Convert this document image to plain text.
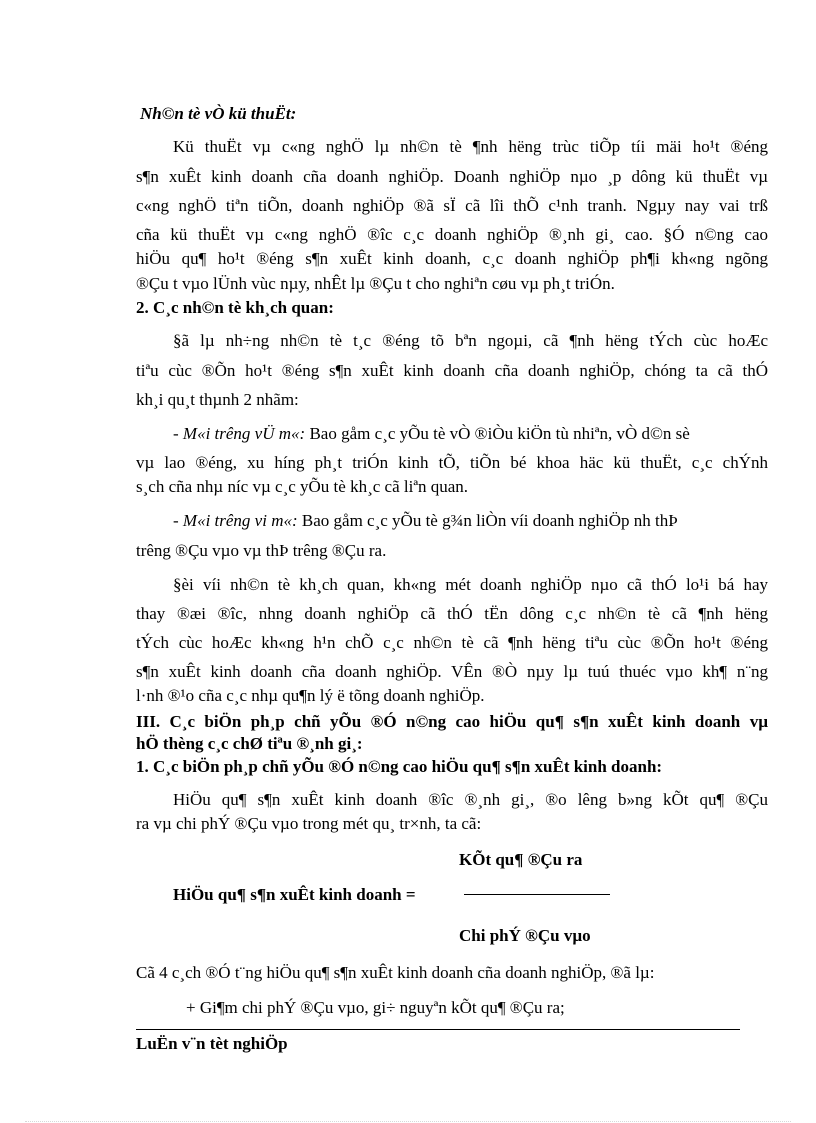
Nh©n tè vÒ kü thuËt:
Kü thuËt vµ c«ng nghÖ lµ nh©n tè ¶nh hëng trùc tiÕp tíi mäi ho¹t ®éng
s¶n xuÊt kinh doanh cña doanh nghiÖp. Doanh nghiÖp nµo ¸p dông kü thuËt vµ
c«ng nghÖ tiªn tiÕn, doanh nghiÖp ®ã sÏ cã lîi thÕ c¹nh tranh. Ngµy nay vai trß
cña kü thuËt vµ c«ng nghÖ ®îc c¸c doanh nghiÖp ®¸nh gi¸ cao. §Ó n©ng cao
hiÖu qu¶ ho¹t ®éng s¶n xuÊt kinh doanh, c¸c doanh nghiÖp ph¶i kh«ng ngõng
®Çu t vµo lÜnh vùc nµy, nhÊt lµ ®Çu t cho nghiªn cøu vµ ph¸t triÓn.
2. C¸c nh©n tè kh¸ch quan:
§ã lµ nh÷ng nh©n tè t¸c ®éng tõ bªn ngoµi, cã ¶nh hëng tÝch cùc hoÆc
tiªu cùc ®Õn ho¹t ®éng s¶n xuÊt kinh doanh cña doanh nghiÖp, chóng ta cã thÓ
kh¸i qu¸t thµnh 2 nhãm:
- M«i trêng vÜ m«: Bao gåm c¸c yÕu tè vÒ ®iÒu kiÖn tù nhiªn, vÒ d©n sè
vµ lao ®éng, xu híng ph¸t triÓn kinh tÕ, tiÕn bé khoa häc kü thuËt, c¸c chÝnh
s¸ch cña nhµ níc vµ c¸c yÕu tè kh¸c cã liªn quan.
- M«i trêng vi m«: Bao gåm c¸c yÕu tè g¾n liÒn víi doanh nghiÖp nh thÞ
trêng ®Çu vµo vµ thÞ trêng ®Çu ra.
§èi víi nh©n tè kh¸ch quan, kh«ng mét doanh nghiÖp nµo cã thÓ lo¹i bá hay
thay ®æi ®îc, nhng doanh nghiÖp cã thÓ tËn dông c¸c nh©n tè cã ¶nh hëng
tÝch cùc hoÆc kh«ng h¹n chÕ c¸c nh©n tè cã ¶nh hëng tiªu cùc ®Õn ho¹t ®éng
s¶n xuÊt kinh doanh cña doanh nghiÖp. VÊn ®Ò nµy lµ tuú thuéc vµo kh¶ n¨ng
l·nh ®¹o cña c¸c nhµ qu¶n lý ë tõng doanh nghiÖp.
III. C¸c biÖn ph¸p chñ yÕu ®Ó n©ng cao hiÖu qu¶ s¶n xuÊt kinh doanh vµ
hÖ thèng c¸c chØ tiªu ®¸nh gi¸:
1. C¸c biÖn ph¸p chñ yÕu ®Ó n©ng cao hiÖu qu¶ s¶n xuÊt kinh doanh:
HiÖu qu¶ s¶n xuÊt kinh doanh ®îc ®¸nh gi¸, ®o lêng b»ng kÕt qu¶ ®Çu
ra vµ chi phÝ ®Çu vµo trong mét qu¸ tr×nh, ta cã:
KÕt qu¶ ®Çu ra
HiÖu qu¶ s¶n xuÊt kinh doanh =
Chi phÝ ®Çu vµo
Cã 4 c¸ch ®Ó t¨ng hiÖu qu¶ s¶n xuÊt kinh doanh cña doanh nghiÖp, ®ã lµ:
+ Gi¶m chi phÝ ®Çu vµo, gi÷ nguyªn kÕt qu¶ ®Çu ra;
LuËn v¨n tèt nghiÖp
